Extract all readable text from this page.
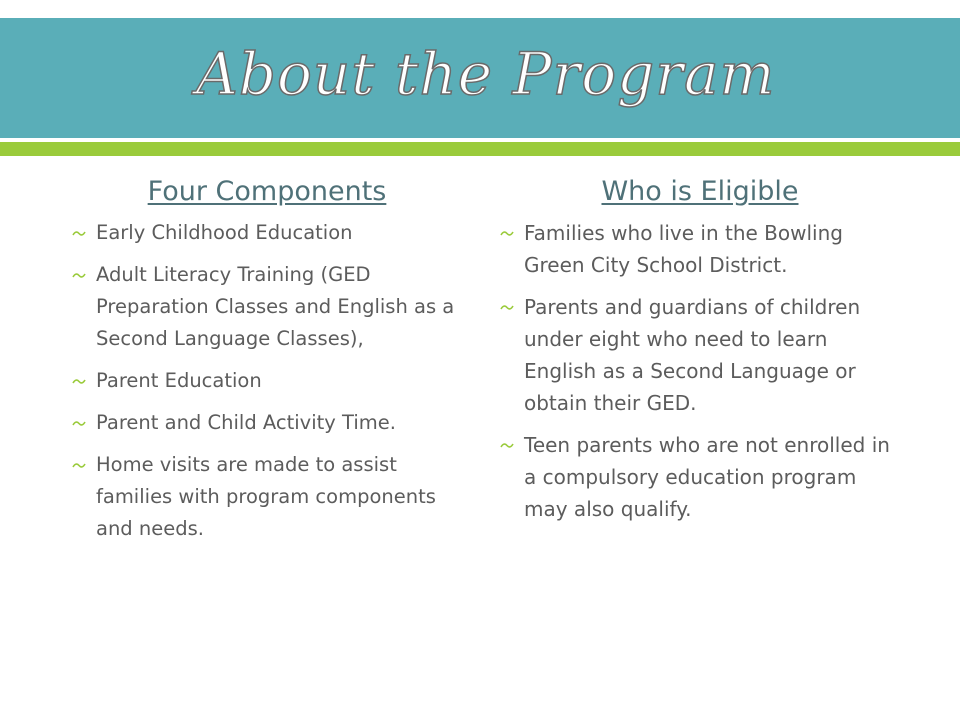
About the Program
Four Components
Early Childhood Education
Adult Literacy Training (GED Preparation Classes and English as a Second Language Classes),
Parent Education
Parent and Child Activity Time.
Home visits are made to assist families with program components and needs.
Who is Eligible
Families who live in the Bowling Green City School District.
Parents and guardians of children under eight who need to learn English as a Second Language or obtain their GED.
Teen parents who are not enrolled in a compulsory education program may also qualify.
